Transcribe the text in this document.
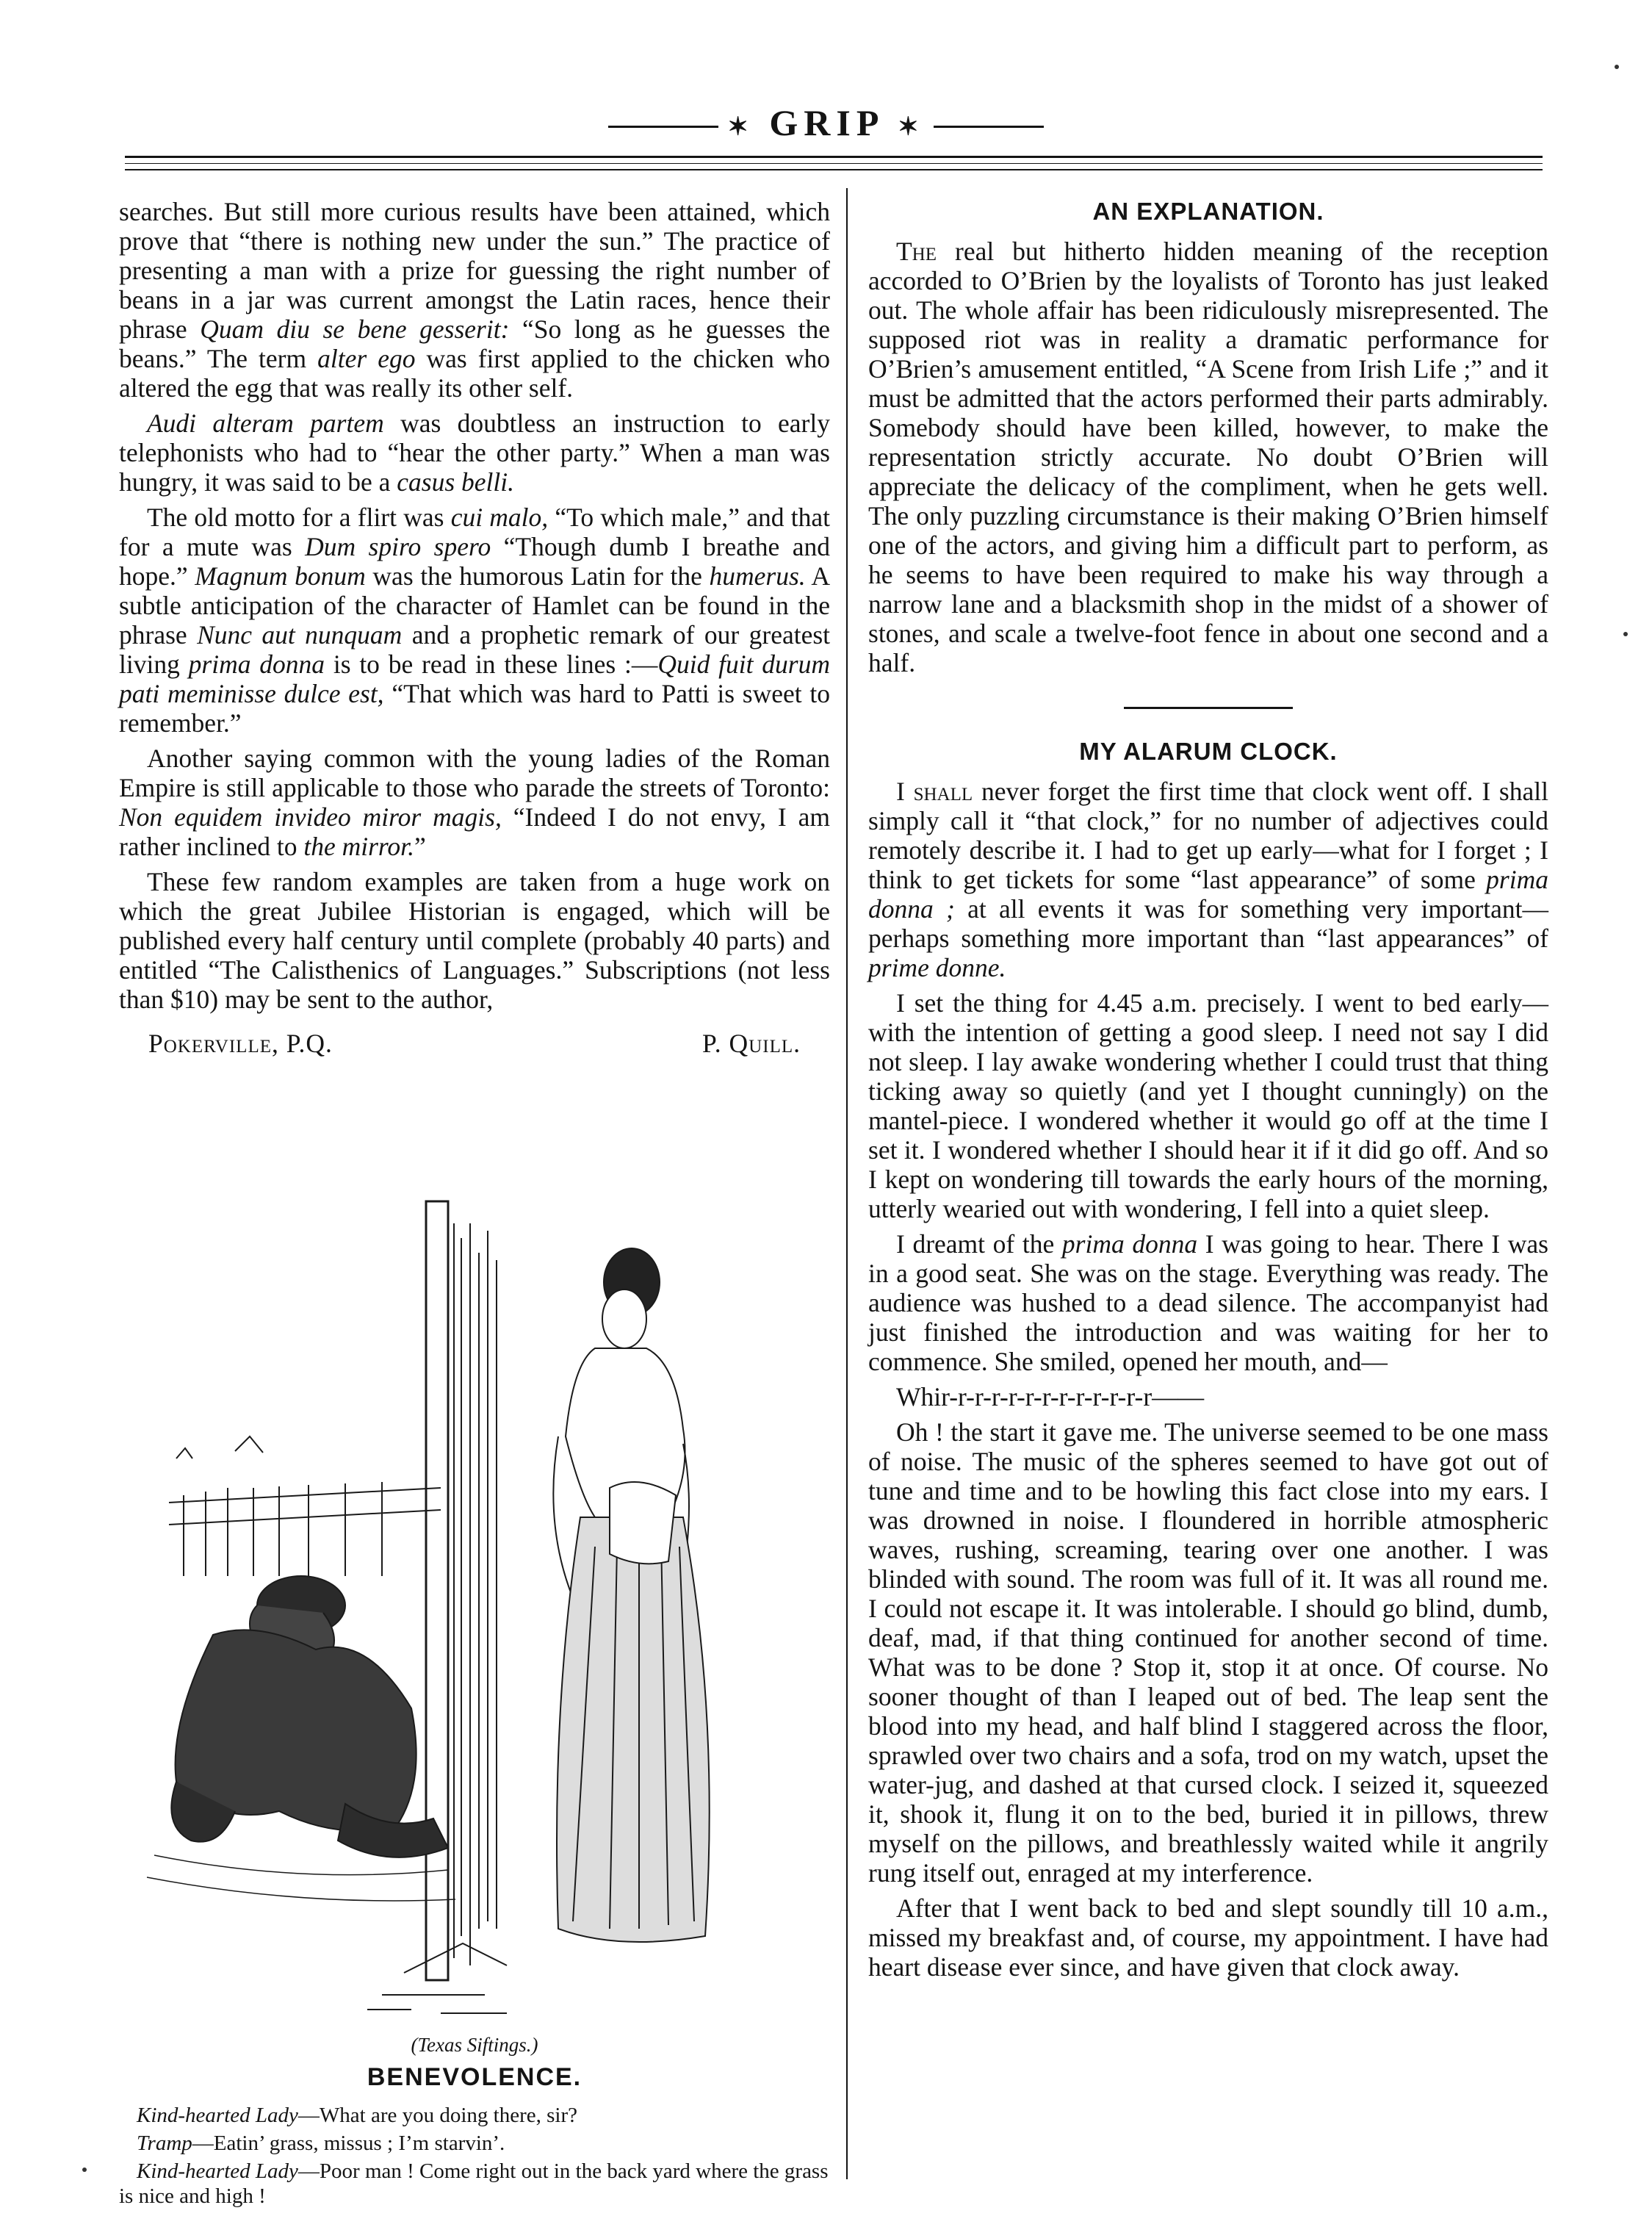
✶ GRIP ✶

searches. But still more curious results have been attained, which prove that “there is nothing new under the sun.” The practice of presenting a man with a prize for guessing the right number of beans in a jar was current amongst the Latin races, hence their phrase Quam diu se bene gesserit: “So long as he guesses the beans.” The term alter ego was first applied to the chicken who altered the egg that was really its other self.

Audi alteram partem was doubtless an instruction to early telephonists who had to “hear the other party.” When a man was hungry, it was said to be a casus belli.

The old motto for a flirt was cui malo, “To which male,” and that for a mute was Dum spiro spero “Though dumb I breathe and hope.” Magnum bonum was the humorous Latin for the humerus. A subtle anticipation of the character of Hamlet can be found in the phrase Nunc aut nunquam and a prophetic remark of our greatest living prima donna is to be read in these lines :—Quid fuit durum pati meminisse dulce est, “That which was hard to Patti is sweet to remember.”

Another saying common with the young ladies of the Roman Empire is still applicable to those who parade the streets of Toronto: Non equidem invideo miror magis, “Indeed I do not envy, I am rather inclined to the mirror.”

These few random examples are taken from a huge work on which the great Jubilee Historian is engaged, which will be published every half century until complete (probably 40 parts) and entitled “The Calisthenics of Languages.” Subscriptions (not less than $10) may be sent to the author,

Pokerville, P.Q.	P. Quill.
(Texas Siftings.)
BENEVOLENCE.

Kind-hearted Lady—What are you doing there, sir?

Tramp—Eatin’ grass, missus ; I’m starvin’.

Kind-hearted Lady—Poor man ! Come right out in the back yard where the grass is nice and high !

AN EXPLANATION.

The real but hitherto hidden meaning of the reception accorded to O’Brien by the loyalists of Toronto has just leaked out. The whole affair has been ridiculously misrepresented. The supposed riot was in reality a dramatic performance for O’Brien’s amusement entitled, “A Scene from Irish Life ;” and it must be admitted that the actors performed their parts admirably. Somebody should have been killed, however, to make the representation strictly accurate. No doubt O’Brien will appreciate the delicacy of the compliment, when he gets well. The only puzzling circumstance is their making O’Brien himself one of the actors, and giving him a difficult part to perform, as he seems to have been required to make his way through a narrow lane and a blacksmith shop in the midst of a shower of stones, and scale a twelve-foot fence in about one second and a half.

MY ALARUM CLOCK.

I shall never forget the first time that clock went off. I shall simply call it “that clock,” for no number of adjectives could remotely describe it. I had to get up early—what for I forget ; I think to get tickets for some “last appearance” of some prima donna ; at all events it was for something very important—perhaps something more important than “last appearances” of prime donne.

I set the thing for 4.45 a.m. precisely. I went to bed early—with the intention of getting a good sleep. I need not say I did not sleep. I lay awake wondering whether I could trust that thing ticking away so quietly (and yet I thought cunningly) on the mantel-piece. I wondered whether it would go off at the time I set it. I wondered whether I should hear it if it did go off. And so I kept on wondering till towards the early hours of the morning, utterly wearied out with wondering, I fell into a quiet sleep.

I dreamt of the prima donna I was going to hear. There I was in a good seat. She was on the stage. Everything was ready. The audience was hushed to a dead silence. The accompanyist had just finished the introduction and was waiting for her to commence. She smiled, opened her mouth, and—

Whir-r-r-r-r-r-r-r-r-r-r-r-r——

Oh ! the start it gave me. The universe seemed to be one mass of noise. The music of the spheres seemed to have got out of tune and time and to be howling this fact close into my ears. I was drowned in noise. I floundered in horrible atmospheric waves, rushing, screaming, tearing over one another. I was blinded with sound. The room was full of it. It was all round me. I could not escape it. It was intolerable. I should go blind, dumb, deaf, mad, if that thing continued for another second of time. What was to be done ? Stop it, stop it at once. Of course. No sooner thought of than I leaped out of bed. The leap sent the blood into my head, and half blind I staggered across the floor, sprawled over two chairs and a sofa, trod on my watch, upset the water-jug, and dashed at that cursed clock. I seized it, squeezed it, shook it, flung it on to the bed, buried it in pillows, threw myself on the pillows, and breathlessly waited while it angrily rung itself out, enraged at my interference.

After that I went back to bed and slept soundly till 10 a.m., missed my breakfast and, of course, my appointment. I have had heart disease ever since, and have given that clock away.
